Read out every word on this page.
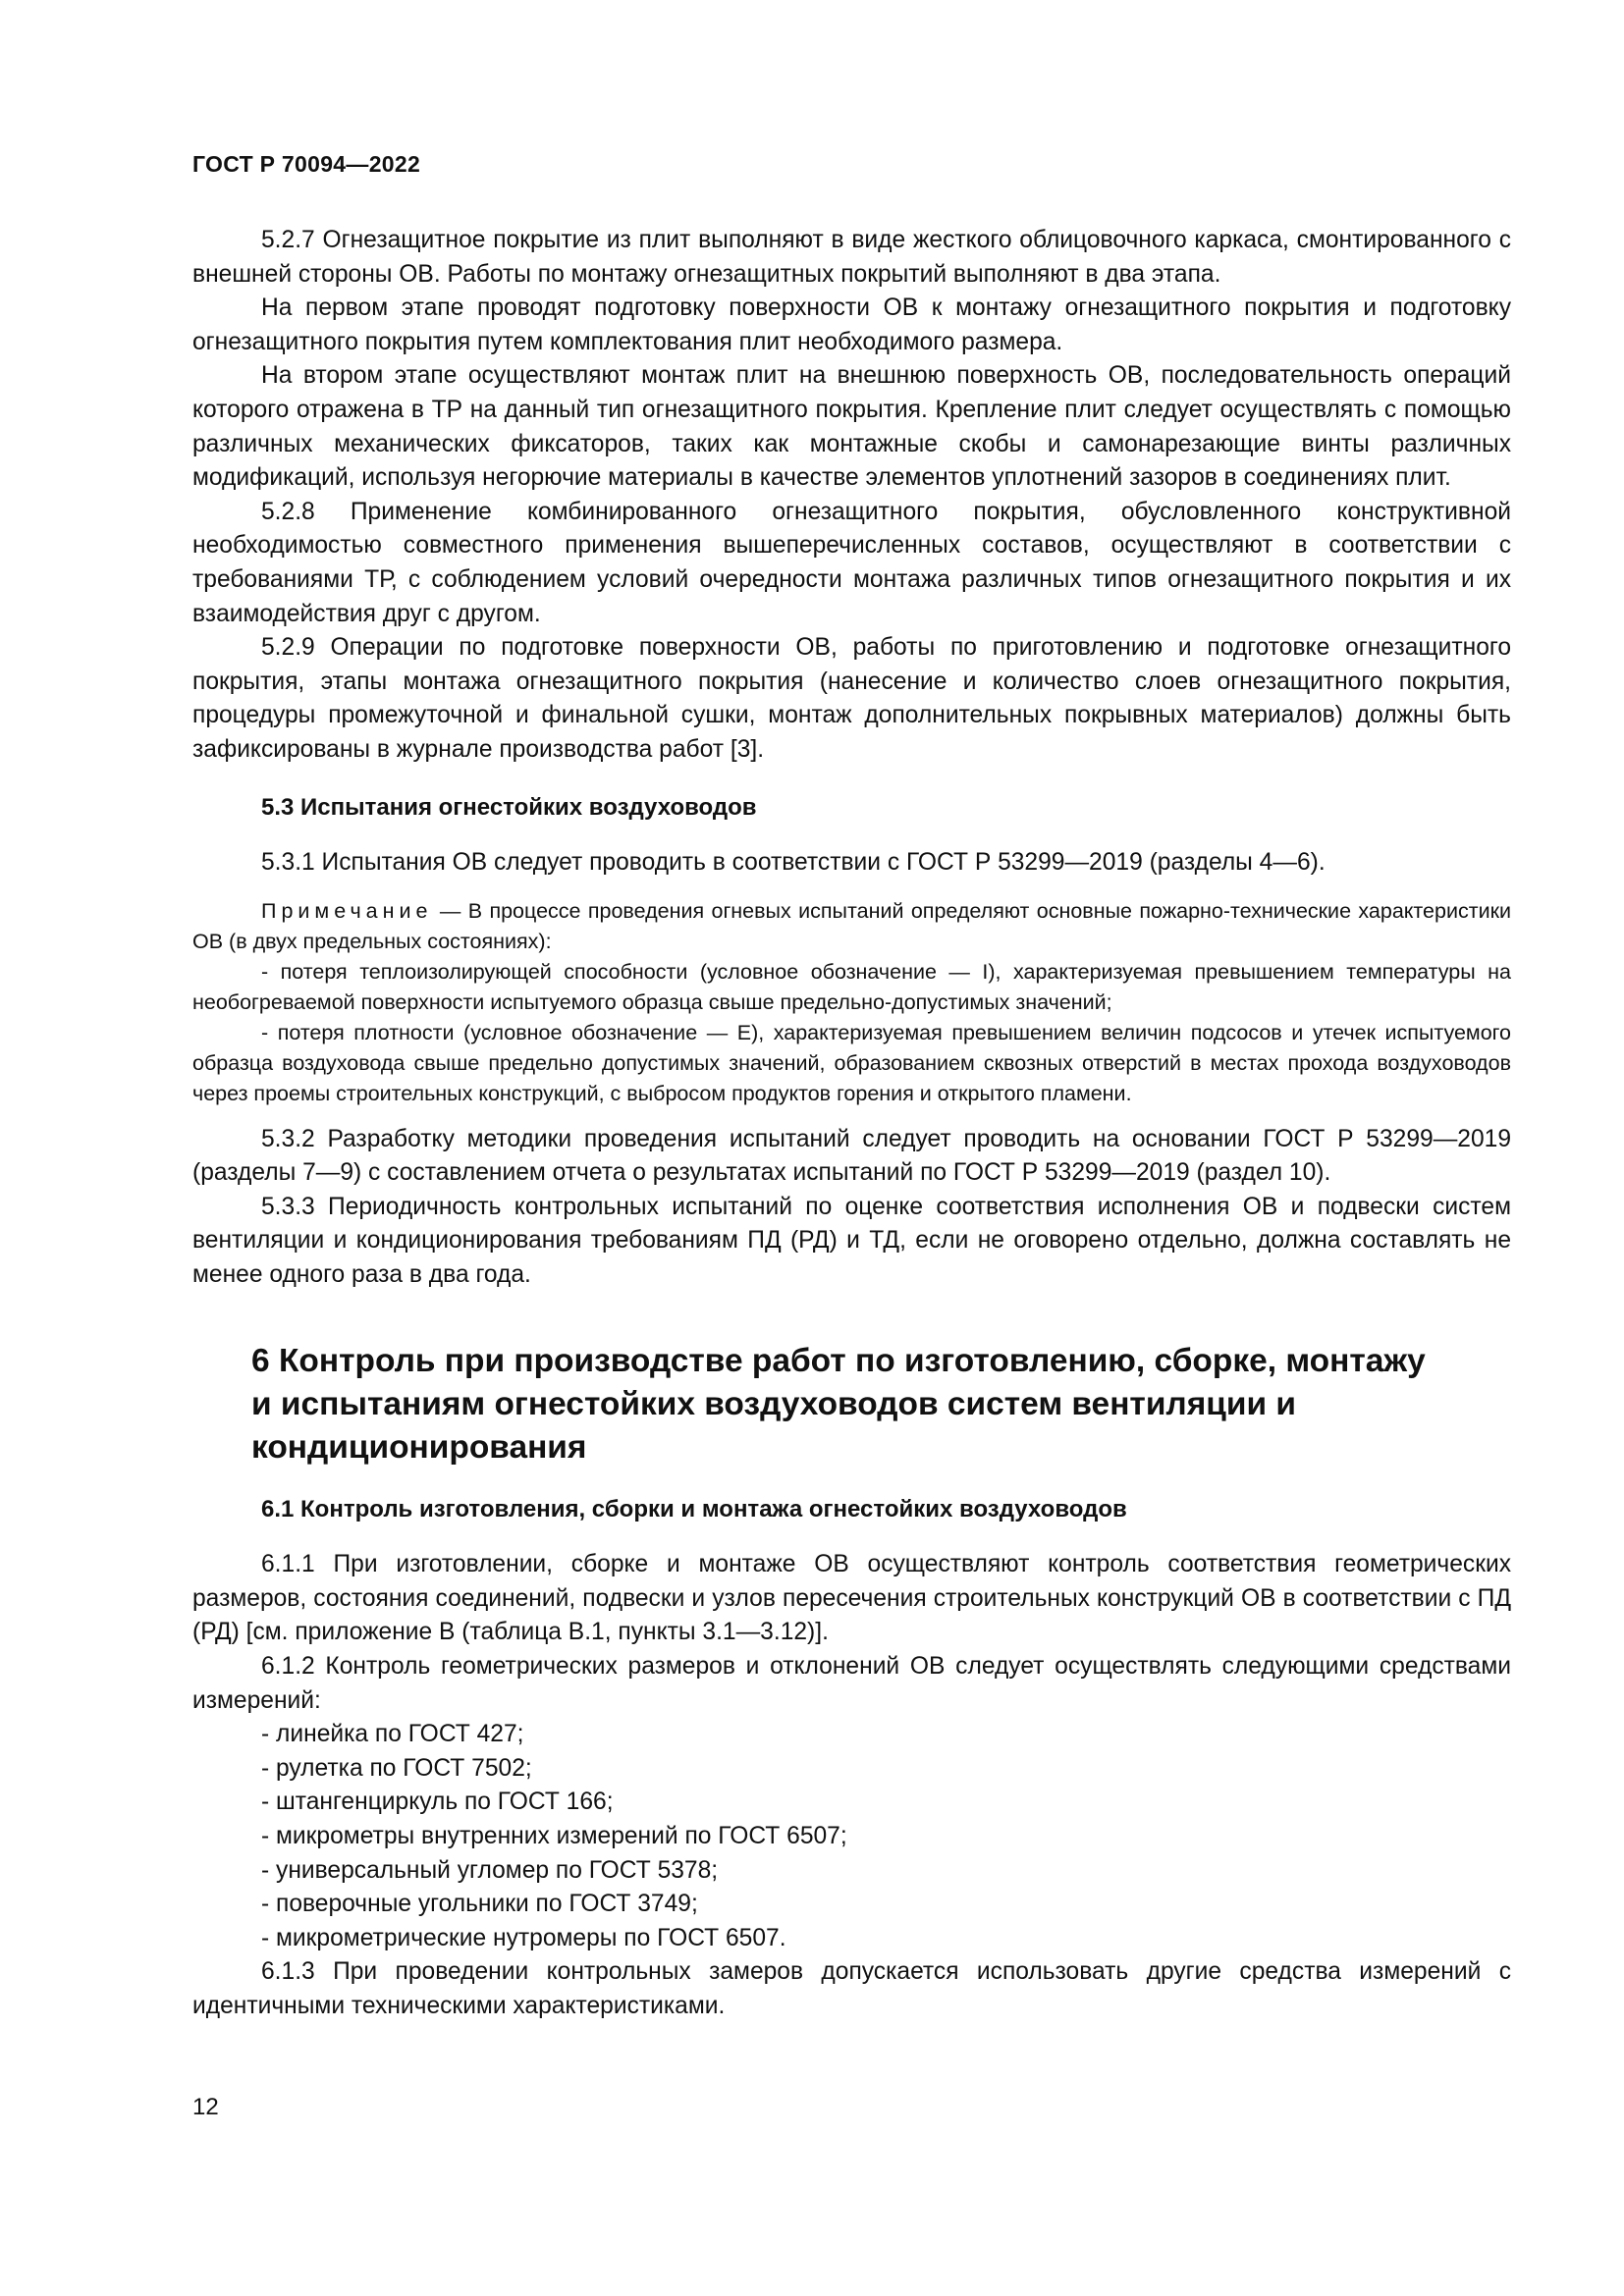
ГОСТ Р 70094—2022

5.2.7 Огнезащитное покрытие из плит выполняют в виде жесткого облицовочного каркаса, смонтированного с внешней стороны ОВ. Работы по монтажу огнезащитных покрытий выполняют в два этапа.

На первом этапе проводят подготовку поверхности ОВ к монтажу огнезащитного покрытия и подготовку огнезащитного покрытия путем комплектования плит необходимого размера.

На втором этапе осуществляют монтаж плит на внешнюю поверхность ОВ, последовательность операций которого отражена в ТР на данный тип огнезащитного покрытия. Крепление плит следует осуществлять с помощью различных механических фиксаторов, таких как монтажные скобы и самонарезающие винты различных модификаций, используя негорючие материалы в качестве элементов уплотнений зазоров в соединениях плит.

5.2.8 Применение комбинированного огнезащитного покрытия, обусловленного конструктивной необходимостью совместного применения вышеперечисленных составов, осуществляют в соответствии с требованиями ТР, с соблюдением условий очередности монтажа различных типов огнезащитного покрытия и их взаимодействия друг с другом.

5.2.9 Операции по подготовке поверхности ОВ, работы по приготовлению и подготовке огнезащитного покрытия, этапы монтажа огнезащитного покрытия (нанесение и количество слоев огнезащитного покрытия, процедуры промежуточной и финальной сушки, монтаж дополнительных покрывных материалов) должны быть зафиксированы в журнале производства работ [3].

5.3 Испытания огнестойких воздуховодов

5.3.1 Испытания ОВ следует проводить в соответствии с ГОСТ Р 53299—2019 (разделы 4—6).

Примечание — В процессе проведения огневых испытаний определяют основные пожарно-технические характеристики ОВ (в двух предельных состояниях):

- потеря теплоизолирующей способности (условное обозначение — I), характеризуемая превышением температуры на необогреваемой поверхности испытуемого образца свыше предельно-допустимых значений;

- потеря плотности (условное обозначение — E), характеризуемая превышением величин подсосов и утечек испытуемого образца воздуховода свыше предельно допустимых значений, образованием сквозных отверстий в местах прохода воздуховодов через проемы строительных конструкций, с выбросом продуктов горения и открытого пламени.

5.3.2 Разработку методики проведения испытаний следует проводить на основании ГОСТ Р 53299—2019 (разделы 7—9) с составлением отчета о результатах испытаний по ГОСТ Р 53299—2019 (раздел 10).

5.3.3 Периодичность контрольных испытаний по оценке соответствия исполнения ОВ и подвески систем вентиляции и кондиционирования требованиям ПД (РД) и ТД, если не оговорено отдельно, должна составлять не менее одного раза в два года.

6 Контроль при производстве работ по изготовлению, сборке, монтажу и испытаниям огнестойких воздуховодов систем вентиляции и кондиционирования
6.1 Контроль изготовления, сборки и монтажа огнестойких воздуховодов

6.1.1 При изготовлении, сборке и монтаже ОВ осуществляют контроль соответствия геометрических размеров, состояния соединений, подвески и узлов пересечения строительных конструкций ОВ в соответствии с ПД (РД) [см. приложение В (таблица В.1, пункты 3.1—3.12)].

6.1.2 Контроль геометрических размеров и отклонений ОВ следует осуществлять следующими средствами измерений:

- линейка по ГОСТ 427;
- рулетка по ГОСТ 7502;
- штангенциркуль по ГОСТ 166;
- микрометры внутренних измерений по ГОСТ 6507;
- универсальный угломер по ГОСТ 5378;
- поверочные угольники по ГОСТ 3749;
- микрометрические нутромеры по ГОСТ 6507.

6.1.3 При проведении контрольных замеров допускается использовать другие средства измерений с идентичными техническими характеристиками.

12
